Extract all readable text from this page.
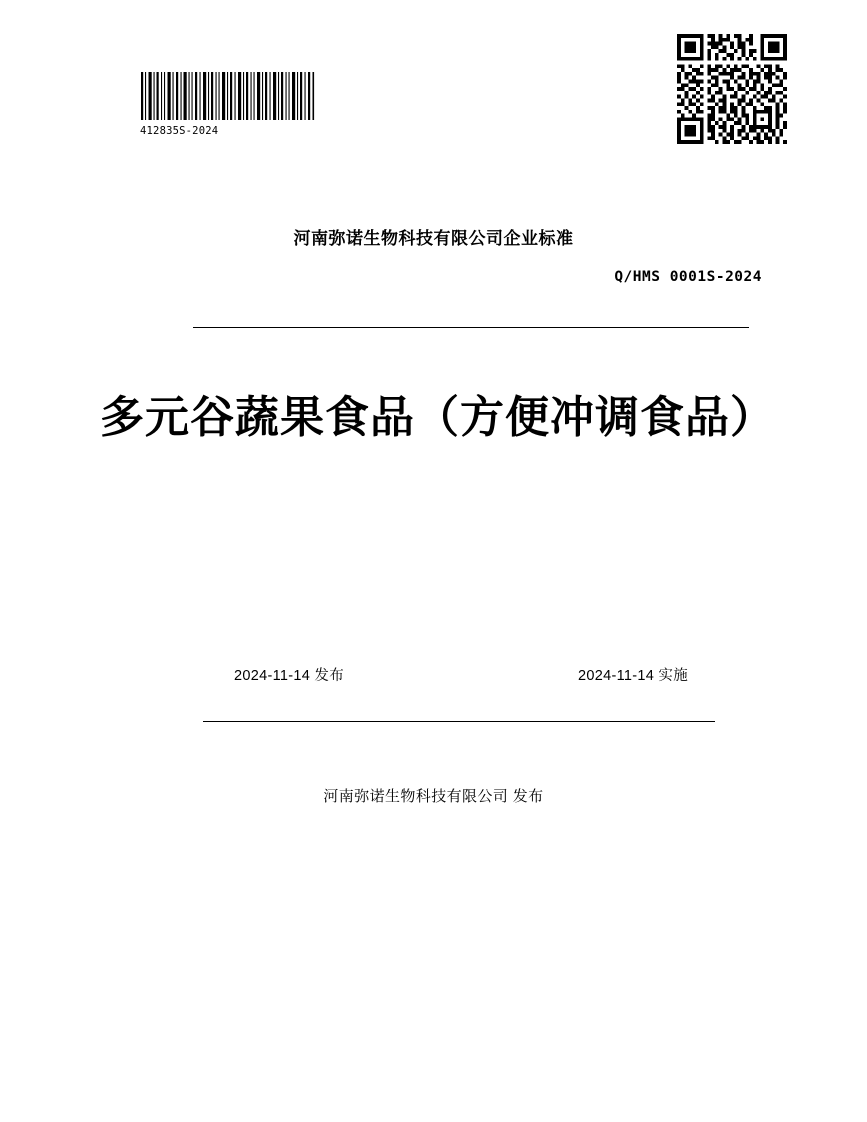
412835S-2024
河南弥诺生物科技有限公司企业标准
Q/HMS 0001S-2024
多元谷蔬果食品（方便冲调食品）
2024-11-14 发布	2024-11-14 实施
河南弥诺生物科技有限公司 发布
